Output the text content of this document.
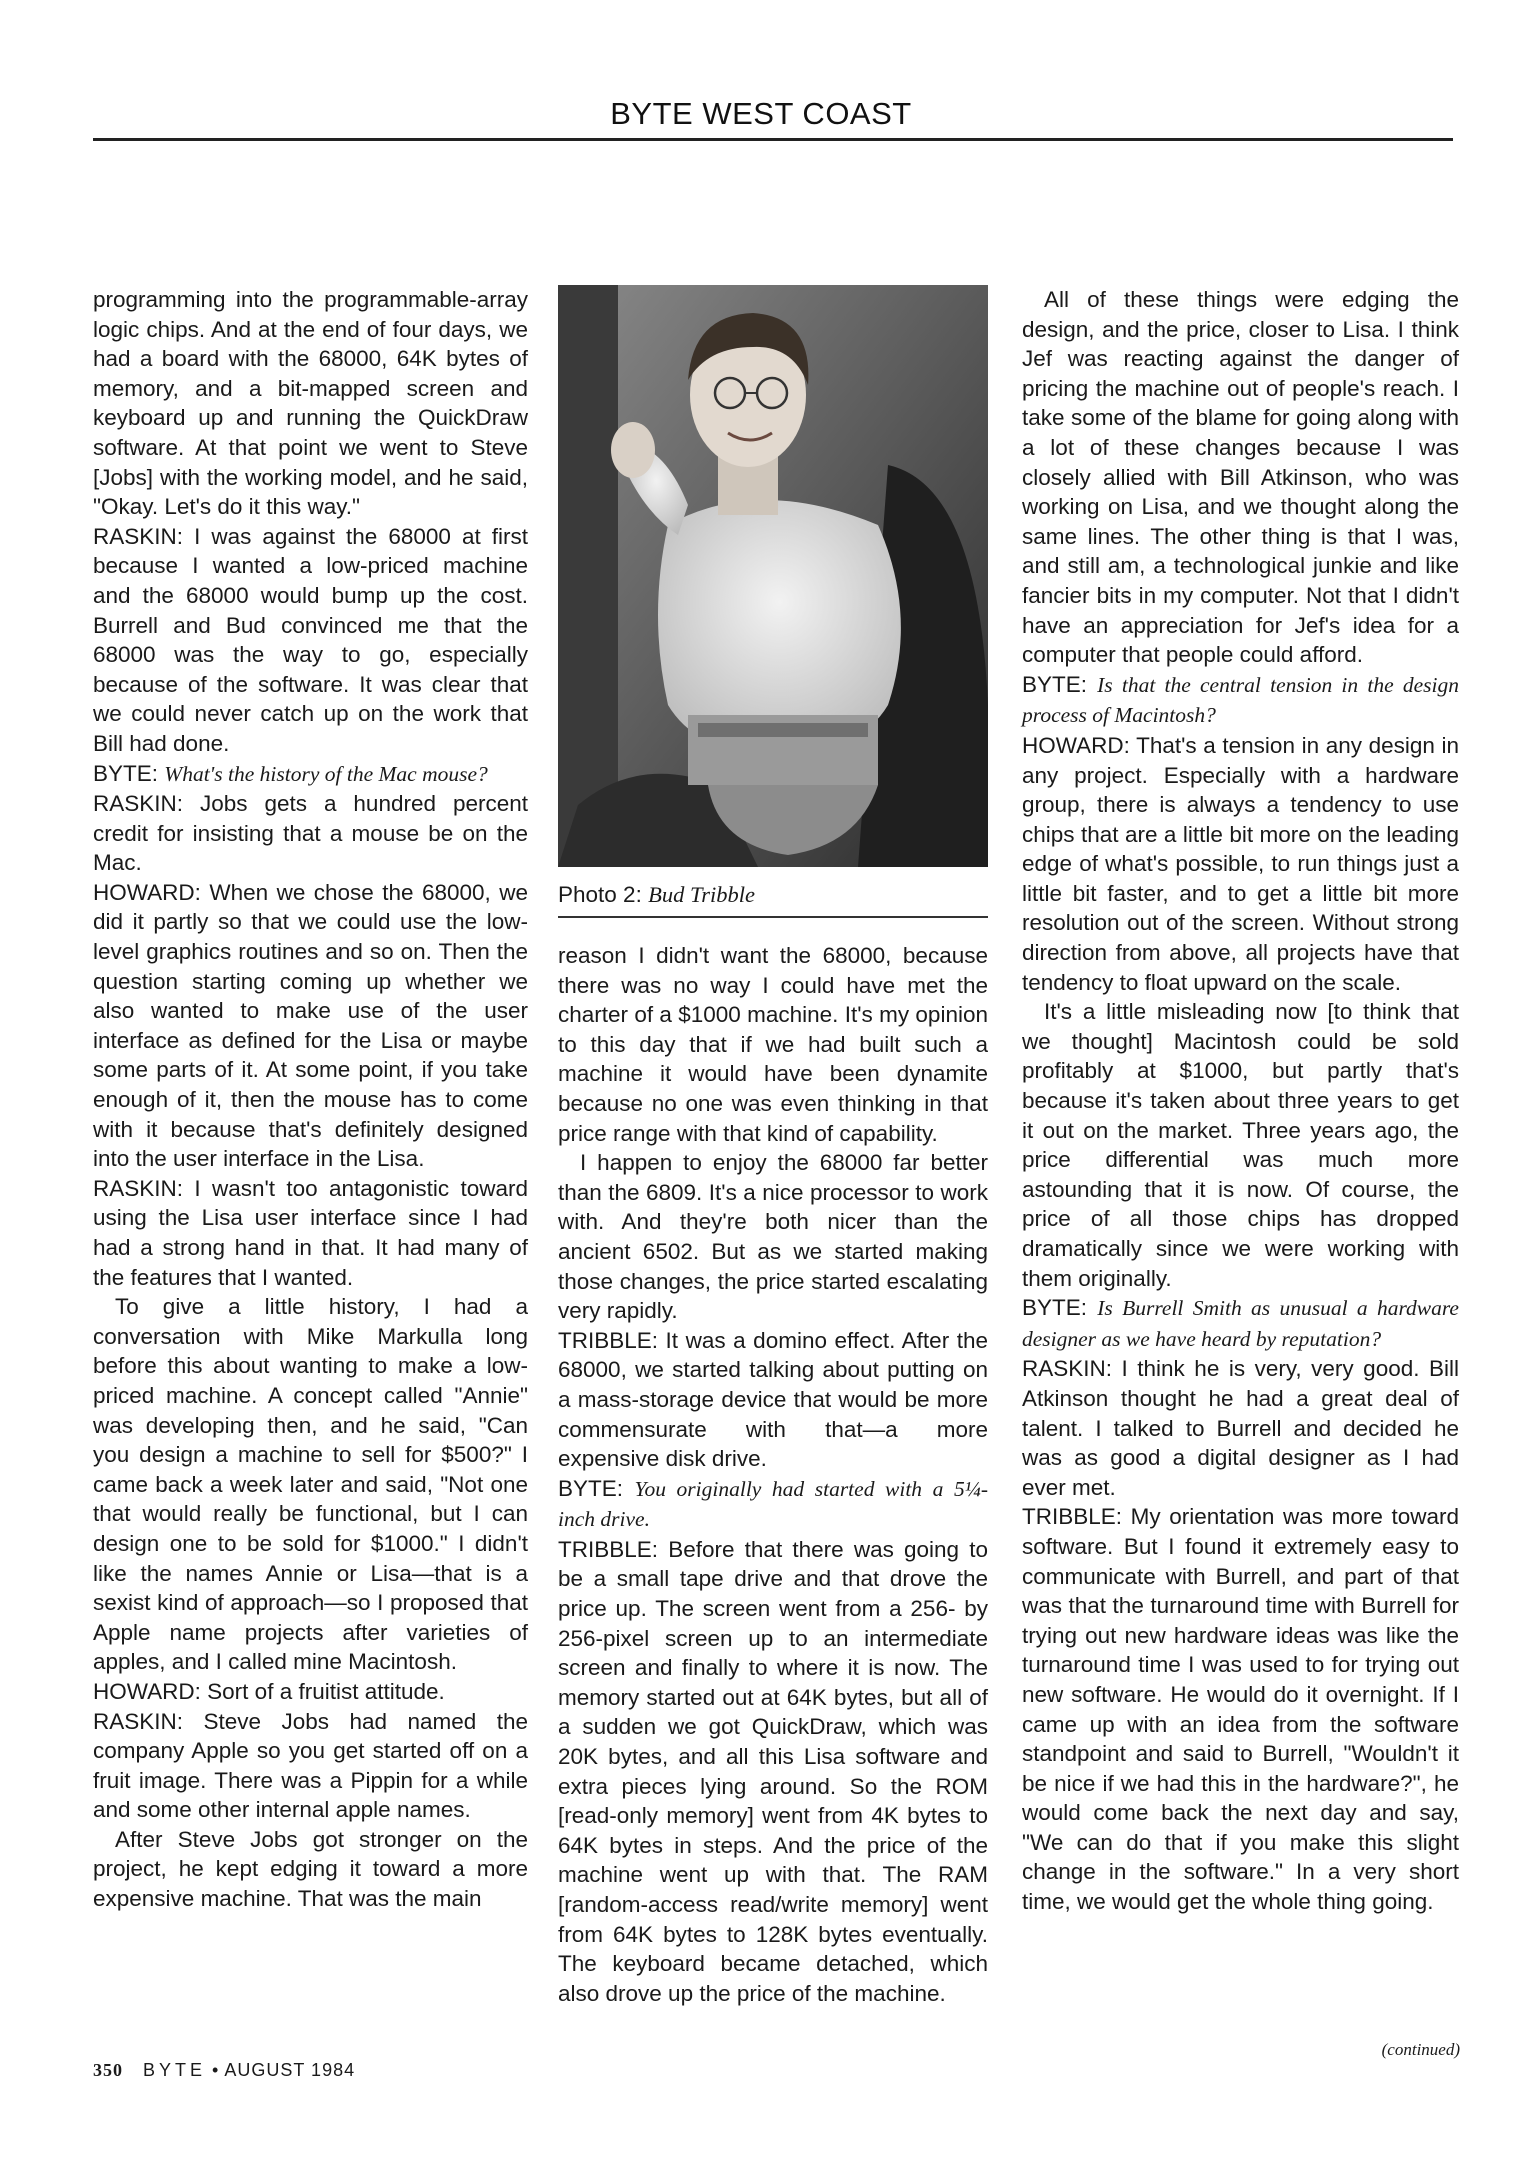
BYTE WEST COAST

programming into the programmable-array logic chips. And at the end of four days, we had a board with the 68000, 64K bytes of memory, and a bit-mapped screen and keyboard up and running the QuickDraw software. At that point we went to Steve [Jobs] with the working model, and he said, "Okay. Let's do it this way."

RASKIN: I was against the 68000 at first because I wanted a low-priced machine and the 68000 would bump up the cost. Burrell and Bud convinced me that the 68000 was the way to go, especially because of the software. It was clear that we could never catch up on the work that Bill had done.

BYTE: What's the history of the Mac mouse?

RASKIN: Jobs gets a hundred percent credit for insisting that a mouse be on the Mac.

HOWARD: When we chose the 68000, we did it partly so that we could use the low-level graphics routines and so on. Then the question starting coming up whether we also wanted to make use of the user interface as defined for the Lisa or maybe some parts of it. At some point, if you take enough of it, then the mouse has to come with it because that's definitely designed into the user interface in the Lisa.

RASKIN: I wasn't too antagonistic toward using the Lisa user interface since I had had a strong hand in that. It had many of the features that I wanted.

To give a little history, I had a conversation with Mike Markulla long before this about wanting to make a low-priced machine. A concept called "Annie" was developing then, and he said, "Can you design a machine to sell for $500?" I came back a week later and said, "Not one that would really be functional, but I can design one to be sold for $1000." I didn't like the names Annie or Lisa—that is a sexist kind of approach—so I proposed that Apple name projects after varieties of apples, and I called mine Macintosh.

HOWARD: Sort of a fruitist attitude.

RASKIN: Steve Jobs had named the company Apple so you get started off on a fruit image. There was a Pippin for a while and some other internal apple names.

After Steve Jobs got stronger on the project, he kept edging it toward a more expensive machine. That was the main

Photo 2: Bud Tribble

reason I didn't want the 68000, because there was no way I could have met the charter of a $1000 machine. It's my opinion to this day that if we had built such a machine it would have been dynamite because no one was even thinking in that price range with that kind of capability.

I happen to enjoy the 68000 far better than the 6809. It's a nice processor to work with. And they're both nicer than the ancient 6502. But as we started making those changes, the price started escalating very rapidly.

TRIBBLE: It was a domino effect. After the 68000, we started talking about putting on a mass-storage device that would be more commensurate with that—a more expensive disk drive.

BYTE: You originally had started with a 5¼-inch drive.

TRIBBLE: Before that there was going to be a small tape drive and that drove the price up. The screen went from a 256- by 256-pixel screen up to an intermediate screen and finally to where it is now. The memory started out at 64K bytes, but all of a sudden we got QuickDraw, which was 20K bytes, and all this Lisa software and extra pieces lying around. So the ROM [read-only memory] went from 4K bytes to 64K bytes in steps. And the price of the machine went up with that. The RAM [random-access read/write memory] went from 64K bytes to 128K bytes eventually. The keyboard became detached, which also drove up the price of the machine.

All of these things were edging the design, and the price, closer to Lisa. I think Jef was reacting against the danger of pricing the machine out of people's reach. I take some of the blame for going along with a lot of these changes because I was closely allied with Bill Atkinson, who was working on Lisa, and we thought along the same lines. The other thing is that I was, and still am, a technological junkie and like fancier bits in my computer. Not that I didn't have an appreciation for Jef's idea for a computer that people could afford.

BYTE: Is that the central tension in the design process of Macintosh?

HOWARD: That's a tension in any design in any project. Especially with a hardware group, there is always a tendency to use chips that are a little bit more on the leading edge of what's possible, to run things just a little bit faster, and to get a little bit more resolution out of the screen. Without strong direction from above, all projects have that tendency to float upward on the scale.

It's a little misleading now [to think that we thought] Macintosh could be sold profitably at $1000, but partly that's because it's taken about three years to get it out on the market. Three years ago, the price differential was much more astounding that it is now. Of course, the price of all those chips has dropped dramatically since we were working with them originally.

BYTE: Is Burrell Smith as unusual a hardware designer as we have heard by reputation?

RASKIN: I think he is very, very good. Bill Atkinson thought he had a great deal of talent. I talked to Burrell and decided he was as good a digital designer as I had ever met.

TRIBBLE: My orientation was more toward software. But I found it extremely easy to communicate with Burrell, and part of that was that the turnaround time with Burrell for trying out new hardware ideas was like the turnaround time I was used to for trying out new software. He would do it overnight. If I came up with an idea from the software standpoint and said to Burrell, "Wouldn't it be nice if we had this in the hardware?", he would come back the next day and say, "We can do that if you make this slight change in the software." In a very short time, we would get the whole thing going.

(continued)
350 BYTE • AUGUST 1984
